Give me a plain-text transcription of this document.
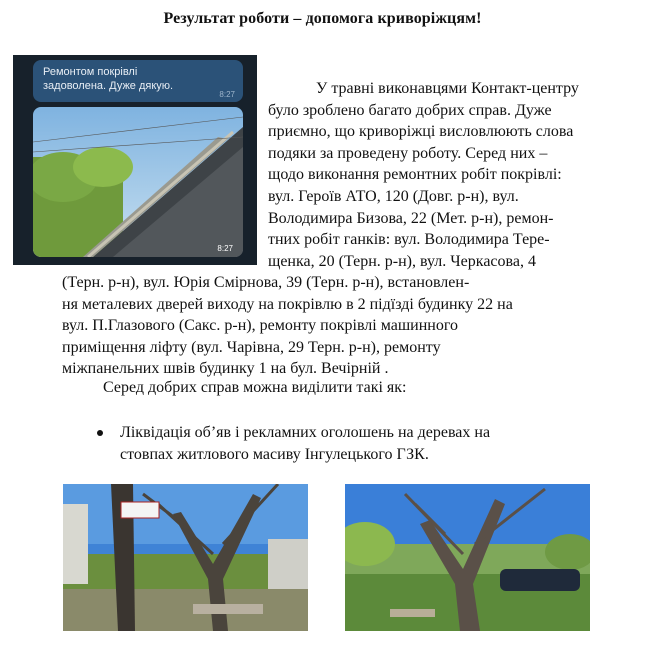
Результат роботи – допомога криворіжцям!
Ремонтом покрівлі
задоволена. Дуже дякую.
8:27
8:27
У травні виконавцями Контакт-центру
було зроблено багато добрих справ. Дуже
приємно, що криворіжці висловлюють слова
подяки за проведену роботу. Серед них –
щодо виконання ремонтних робіт покрівлі:
вул. Героїв АТО, 120 (Довг. р-н), вул.
Володимира Бизова, 22 (Мет. р-н), ремон-
тних робіт ганків: вул. Володимира Тере-
щенка, 20 (Терн. р-н), вул. Черкасова, 4
(Терн. р-н), вул. Юрія Смірнова, 39 (Терн. р-н), встановлен-
ня металевих дверей виходу на покрівлю в 2 підїзді будинку 22 на
вул. П.Глазового (Сакс. р-н), ремонту покрівлі машинного
приміщення ліфту (вул. Чарівна, 29 Терн. р-н), ремонту
міжпанельних швів будинку 1 на бул. Вечірній .
Серед добрих справ можна виділити такі як:
Ліквідація об’яв і рекламних оголошень на деревах на
стовпах житлового масиву Інгулецького ГЗК.
